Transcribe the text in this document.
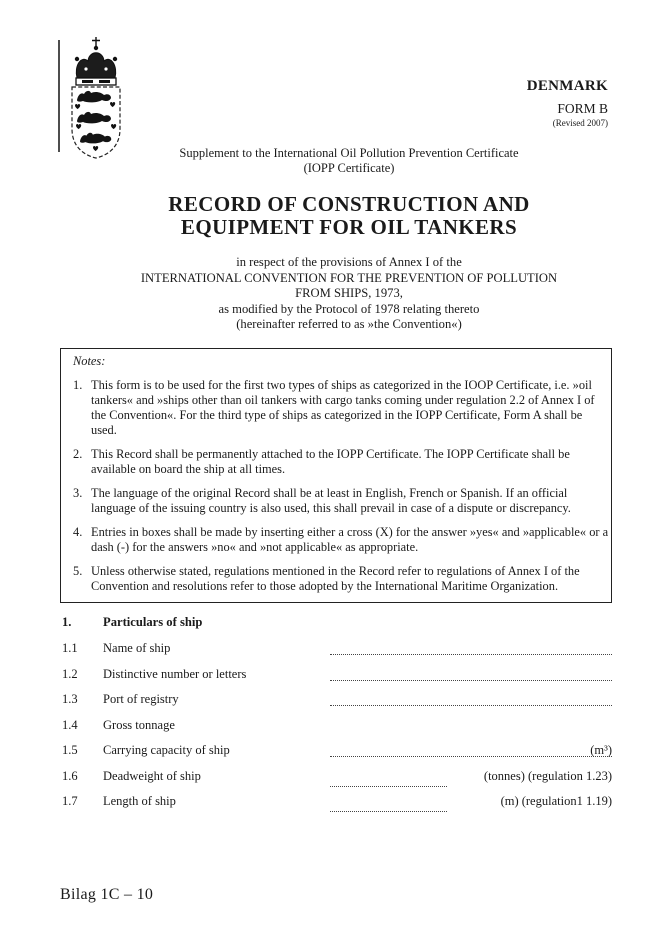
DENMARK
FORM B
(Revised 2007)
Supplement to the International Oil Pollution Prevention Certificate
(IOPP Certificate)
RECORD OF CONSTRUCTION AND
EQUIPMENT FOR OIL TANKERS
in respect of the provisions of Annex I of the
INTERNATIONAL CONVENTION FOR THE PREVENTION OF POLLUTION
FROM SHIPS, 1973,
as modified by the Protocol of 1978 relating thereto
(hereinafter referred to as »the Convention«)
Notes:
1. This form is to be used for the first two types of ships as categorized in the IOOP Certificate, i.e. »oil tankers« and »ships other than oil tankers with cargo tanks coming under regulation 2.2 of Annex I of the Convention«. For the third type of ships as categorized in the IOPP Certificate, Form A shall be used.
2. This Record shall be permanently attached to the IOPP Certificate. The IOPP Certificate shall be available on board the ship at all times.
3. The language of the original Record shall be at least in English, French or Spanish. If an official language of the issuing country is also used, this shall prevail in case of a dispute or discrepancy.
4. Entries in boxes shall be made by inserting either a cross (X) for the answer »yes« and »applicable« or a dash (-) for the answers »no« and »not applicable« as appropriate.
5. Unless otherwise stated, regulations mentioned in the Record refer to regulations of Annex I of the Convention and resolutions refer to those adopted by the International Maritime Organization.
1.	Particulars of ship
1.1	Name of ship
1.2	Distinctive number or letters
1.3	Port of registry
1.4	Gross tonnage
1.5	Carrying capacity of ship	(m³)
1.6	Deadweight of ship	(tonnes) (regulation 1.23)
1.7	Length of ship	(m) (regulation1 1.19)
Bilag 1C – 10
